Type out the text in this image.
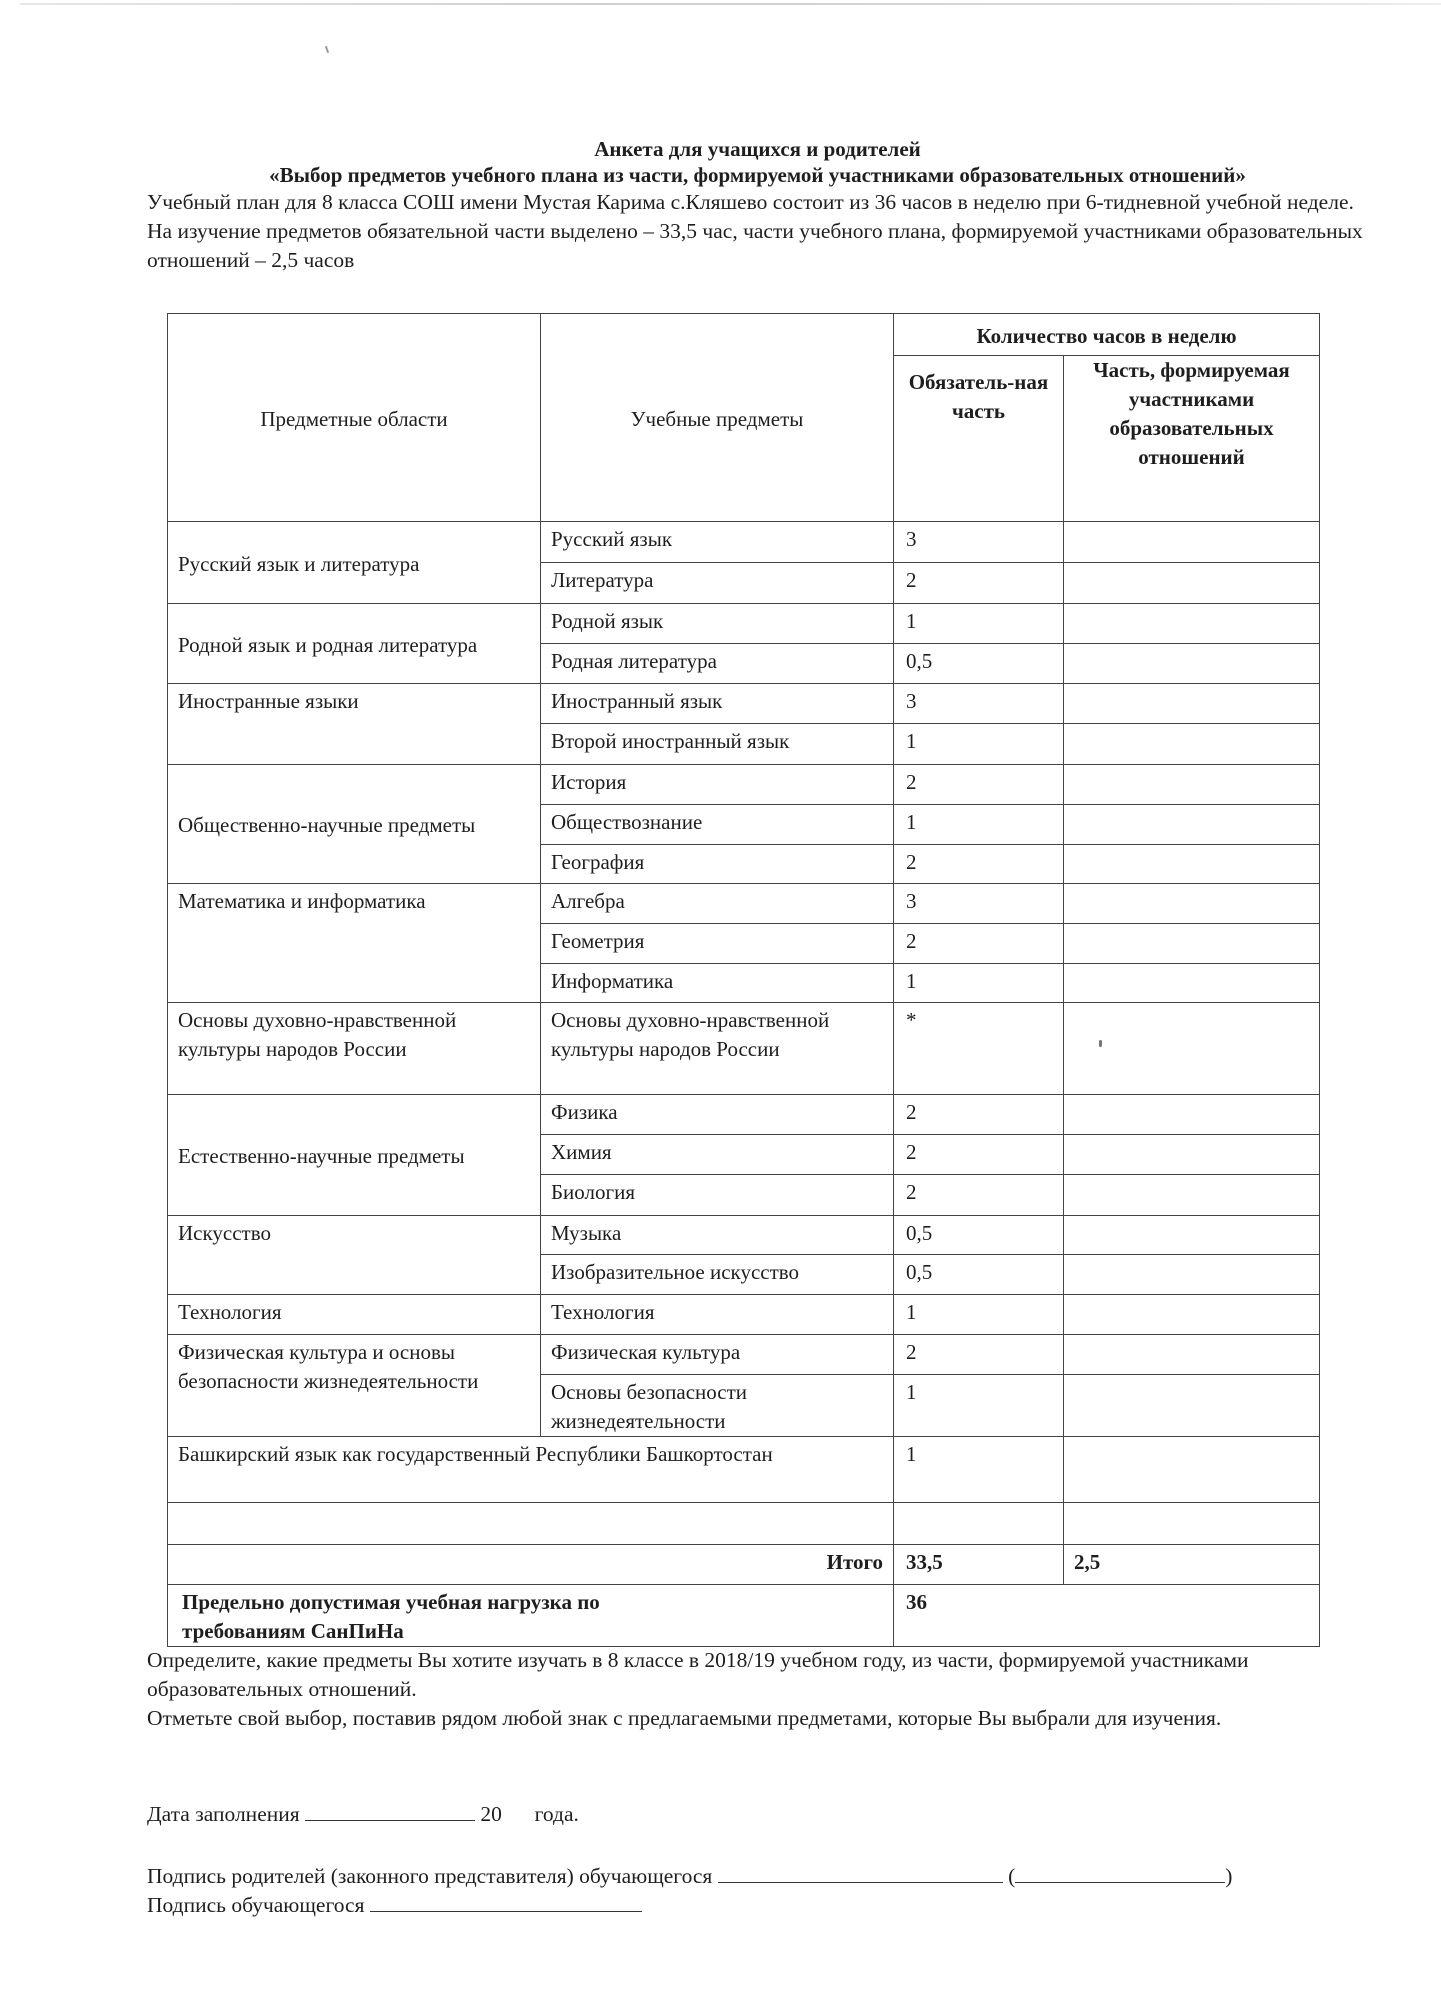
Анкета для учащихся и родителей
«Выбор предметов учебного плана из части, формируемой участниками образовательных отношений»
Учебный план для 8 класса СОШ имени Мустая Карима с.Кляшево состоит из 36 часов в неделю при 6-тидневной учебной неделе. На изучение предметов обязательной части выделено – 33,5 час, части учебного плана, формируемой участниками образовательных отношений – 2,5 часов
Предметные области	Учебные предметы	Количество часов в неделю	
		Обязатель-ная часть	Часть, формируемая участниками образовательных отношений
Русский язык и литература	Русский язык	3	
	Литература	2	
Родной язык и родная литература	Родной язык	1	
	Родная литература	0,5	
Иностранные языки	Иностранный язык	3	
	Второй иностранный язык	1	
Общественно-научные предметы	История	2	
	Обществознание	1	
	География	2	
Математика и информатика	Алгебра	3	
	Геометрия	2	
	Информатика	1	
Основы духовно-нравственной культуры народов России	Основы духовно-нравственной культуры народов России	*	
Естественно-научные предметы	Физика	2	
	Химия	2	
	Биология	2	
Искусство	Музыка	0,5	
	Изобразительное искусство	0,5	
Технология	Технология	1	
Физическая культура и основы безопасности жизнедеятельности	Физическая культура	2	
	Основы безопасности жизнедеятельности	1	
Башкирский язык как государственный Республики Башкортостан		1	

Итого		33,5	2,5
Предельно допустимая учебная нагрузка по требованиям СанПиНа		36	
Определите, какие предметы Вы хотите изучать в 8 классе в 2018/19 учебном году, из части, формируемой участниками образовательных отношений.
Отметьте свой выбор, поставив рядом любой знак с предлагаемыми предметами, которые Вы выбрали для изучения.
Дата заполнения	20 года.
Подпись родителей (законного представителя) обучающегося	(	)
Подпись обучающегося
